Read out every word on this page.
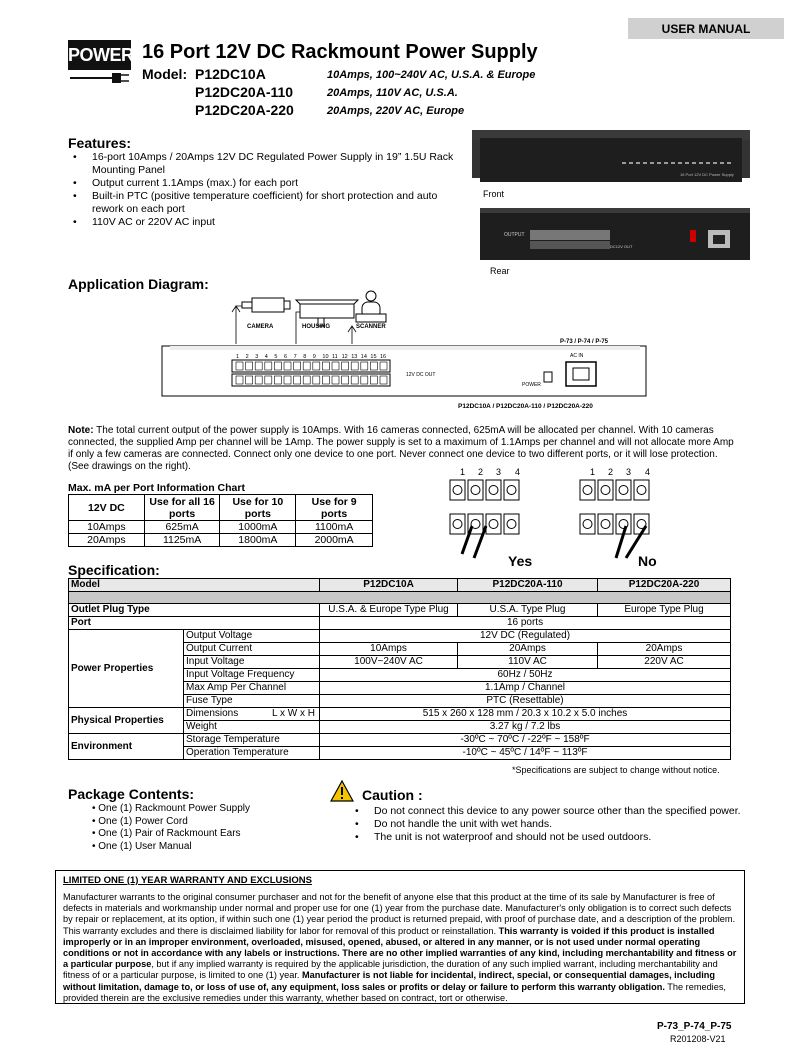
USER MANUAL
POWER 16 Port 12V DC Rackmount Power Supply
Model: P12DC10A	10Amps, 100~240V AC, U.S.A. & Europe
P12DC20A-110	20Amps, 110V AC, U.S.A.
P12DC20A-220	20Amps, 220V AC, Europe
Features:
• 16-port 10Amps / 20Amps 12V DC Regulated Power Supply in 19” 1.5U Rack Mounting Panel
• Output current 1.1Amps (max.) for each port
• Built-in PTC (positive temperature coefficient) for short protection and auto rework on each port
• 110V AC or 220V AC input
16 Port 12V DC Power Supply
Front
OUTPUT
DC12V OUT
Rear
Application Diagram:
CAMERA	HOUSING	SCANNER
P-73 / P-74 / P-75
1 2 3 4 5 6 7 8 9 10 11 12 13 14 15 16
12V DC OUT
AC IN
POWER
P12DC10A / P12DC20A-110 / P12DC20A-220
Note: The total current output of the power supply is 10Amps. With 16 cameras connected, 625mA will be allocated per channel. With 10 cameras connected, the supplied Amp per channel will be 1Amp. The power supply is set to a maximum of 1.1Amps per channel and will not allocate more Amp if only a few cameras are connected. Connect only one device to one port. Never connect one device to two different ports, or it will lose protection. (See drawings on the right).
Max. mA per Port Information Chart
12V DC	Use for all 16 ports	Use for 10 ports	Use for 9 ports
10Amps	625mA	1000mA	1100mA
20Amps	1125mA	1800mA	2000mA
1 2 3 4	1 2 3 4
Yes	No
Specification:
Model		P12DC10A	P12DC20A-110	P12DC20A-220

Outlet Plug Type		U.S.A. & Europe Type Plug	U.S.A. Type Plug	Europe Type Plug
Port		16 ports		
Power Properties	Output Voltage	12V DC (Regulated)		
	Output Current	10Amps	20Amps	20Amps
	Input Voltage	100V~240V AC	110V AC	220V AC
	Input Voltage Frequency	60Hz / 50Hz		
	Max Amp Per Channel	1.1Amp / Channel		
	Fuse Type	PTC (Resettable)		
Physical Properties	Dimensions L x W x H	515 x 260 x 128 mm / 20.3 x 10.2 x 5.0 inches		
	Weight	3.27 kg / 7.2 lbs		
Environment	Storage Temperature	-30ºC ~ 70ºC / -22ºF ~ 158ºF		
	Operation Temperature	-10ºC ~ 45ºC / 14ºF ~ 113ºF		
*Specifications are subject to change without notice.
Package Contents:
• One (1) Rackmount Power Supply
• One (1) Power Cord
• One (1) Pair of Rackmount Ears
• One (1) User Manual
Caution :
• Do not connect this device to any power source other than the specified power.
• Do not handle the unit with wet hands.
• The unit is not waterproof and should not be used outdoors.
LIMITED ONE (1) YEAR WARRANTY AND EXCLUSIONS
Manufacturer warrants to the original consumer purchaser and not for the benefit of anyone else that this product at the time of its sale by Manufacturer is free of defects in materials and workmanship under normal and proper use for one (1) year from the purchase date. Manufacturer's only obligation is to correct such defects by repair or replacement, at its option, if within such one (1) year period the product is returned prepaid, with proof of purchase date, and a description of the problem. This warranty excludes and there is disclaimed liability for labor for removal of this product or reinstallation. This warranty is voided if this product is installed improperly or in an improper environment, overloaded, misused, opened, abused, or altered in any manner, or is not used under normal operating conditions or not in accordance with any labels or instructions. There are no other implied warranties of any kind, including merchantability and fitness or a particular purpose, but if any implied warranty is required by the applicable jurisdiction, the duration of any such implied warrant, including merchantability and fitness of or a particular purpose, is limited to one (1) year. Manufacturer is not liable for incidental, indirect, special, or consequential damages, including without limitation, damage to, or loss of use of, any equipment, loss sales or profits or delay or failure to perform this warranty obligation. The remedies, provided therein are the exclusive remedies under this warranty, whether based on contract, tort or otherwise.
P-73_P-74_P-75
R201208-V21
